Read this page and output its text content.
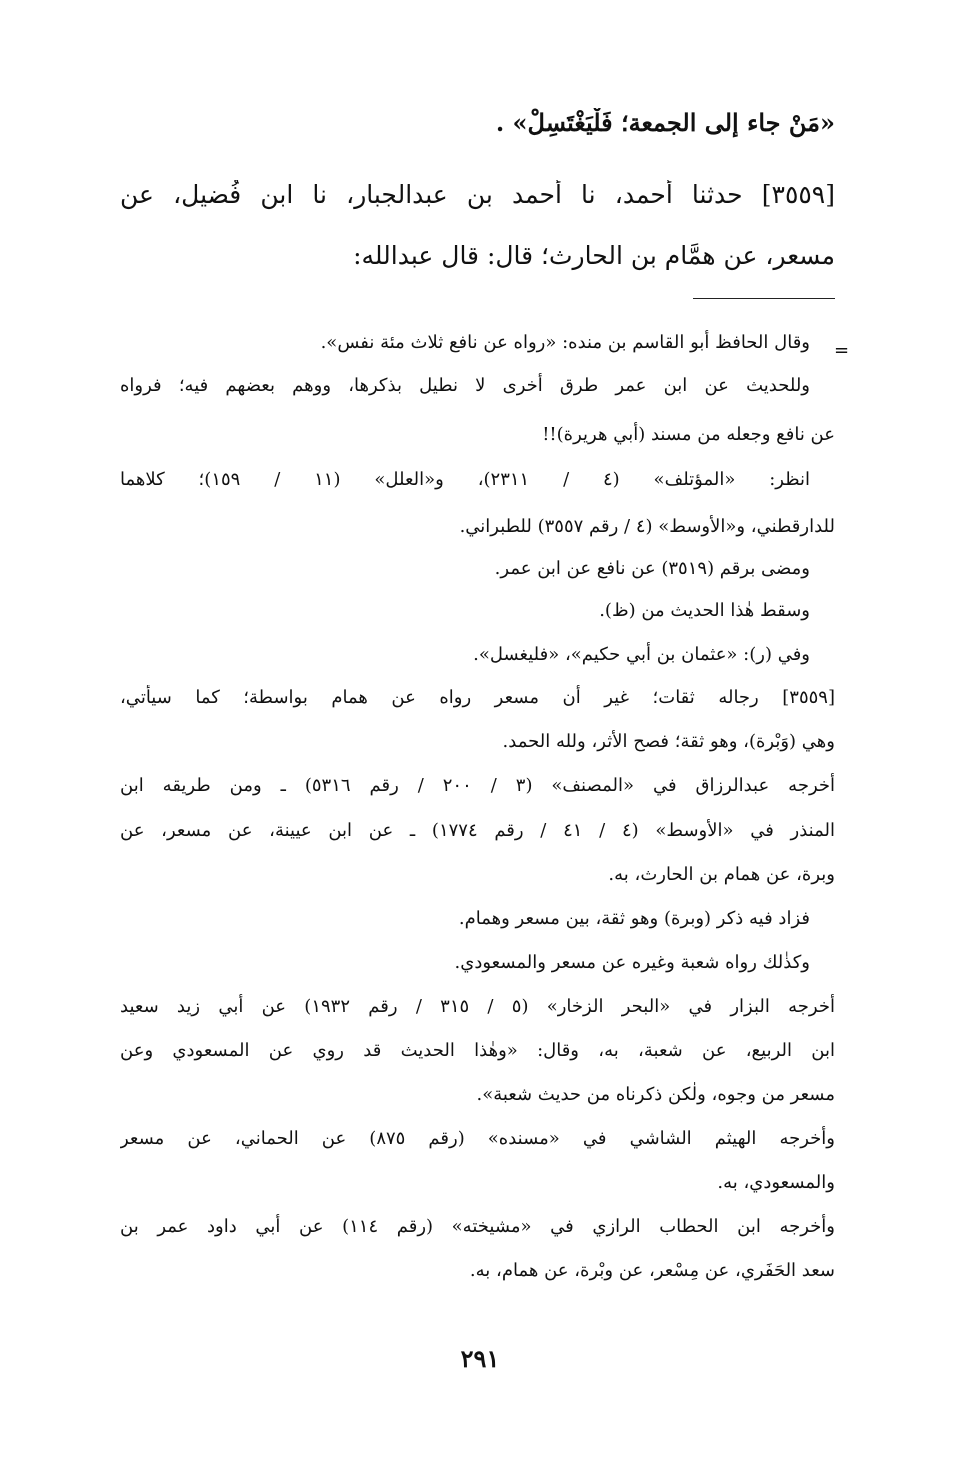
«مَنْ جاء إلى الجمعة؛ فَلْيَغْتَسِلْ» .
[٣٥٥٩] حدثنا أحمد، نا أحمد بن عبدالجبار، نا ابن فُضيل، عن
مسعر، عن همَّام بن الحارث؛ قال: قال عبدالله:
=
وقال الحافظ أبو القاسم بن منده: «رواه عن نافع ثلاث مئة نفس».
وللحديث عن ابن عمر طرق أخرى لا نطيل بذكرها، ووهم بعضهم فيه؛ فرواه
عن نافع وجعله من مسند (أبي هريرة)!!
انظر: «المؤتلف» (٤ / ٢٣١١)، و«العلل» (١١ / ١٥٩)؛ كلاهما
للدارقطني، و«الأوسط» (٤ / رقم ٣٥٥٧) للطبراني.
ومضى برقم (٣٥١٩) عن نافع عن ابن عمر.
وسقط هٰذا الحديث من (ظ).
وفي (ر): «عثمان بن أبي حكيم»، «فليغسل».
[٣٥٥٩] رجاله ثقات؛ غير أن مسعر رواه عن همام بواسطة؛ كما سيأتي،
وهي (وَبْرة)، وهو ثقة؛ فصح الأثر، ولله الحمد.
أخرجه عبدالرزاق في «المصنف» (٣ / ٢٠٠ / رقم ٥٣١٦) ـ ومن طريقه ابن
المنذر في «الأوسط» (٤ / ٤١ / رقم ١٧٧٤) ـ عن ابن عيينة، عن مسعر، عن
وبرة، عن همام بن الحارث، به.
فزاد فيه ذكر (وبرة) وهو ثقة، بين مسعر وهمام.
وكذٰلك رواه شعبة وغيره عن مسعر والمسعودي.
أخرجه البزار في «البحر الزخار» (٥ / ٣١٥ / رقم ١٩٣٢) عن أبي زيد سعيد
ابن الربيع، عن شعبة، به، وقال: «وهٰذا الحديث قد روي عن المسعودي وعن
مسعر من وجوه، ولٰكن ذكرناه من حديث شعبة».
وأخرجه الهيثم الشاشي في «مسنده» (رقم ٨٧٥) عن الحماني، عن مسعر
والمسعودي، به.
وأخرجه ابن الحطاب الرازي في «مشيخته» (رقم ١١٤) عن أبي داود عمر بن
سعد الحَفَري، عن مِسْعر، عن وبْرة، عن همام، به.
٢٩١
